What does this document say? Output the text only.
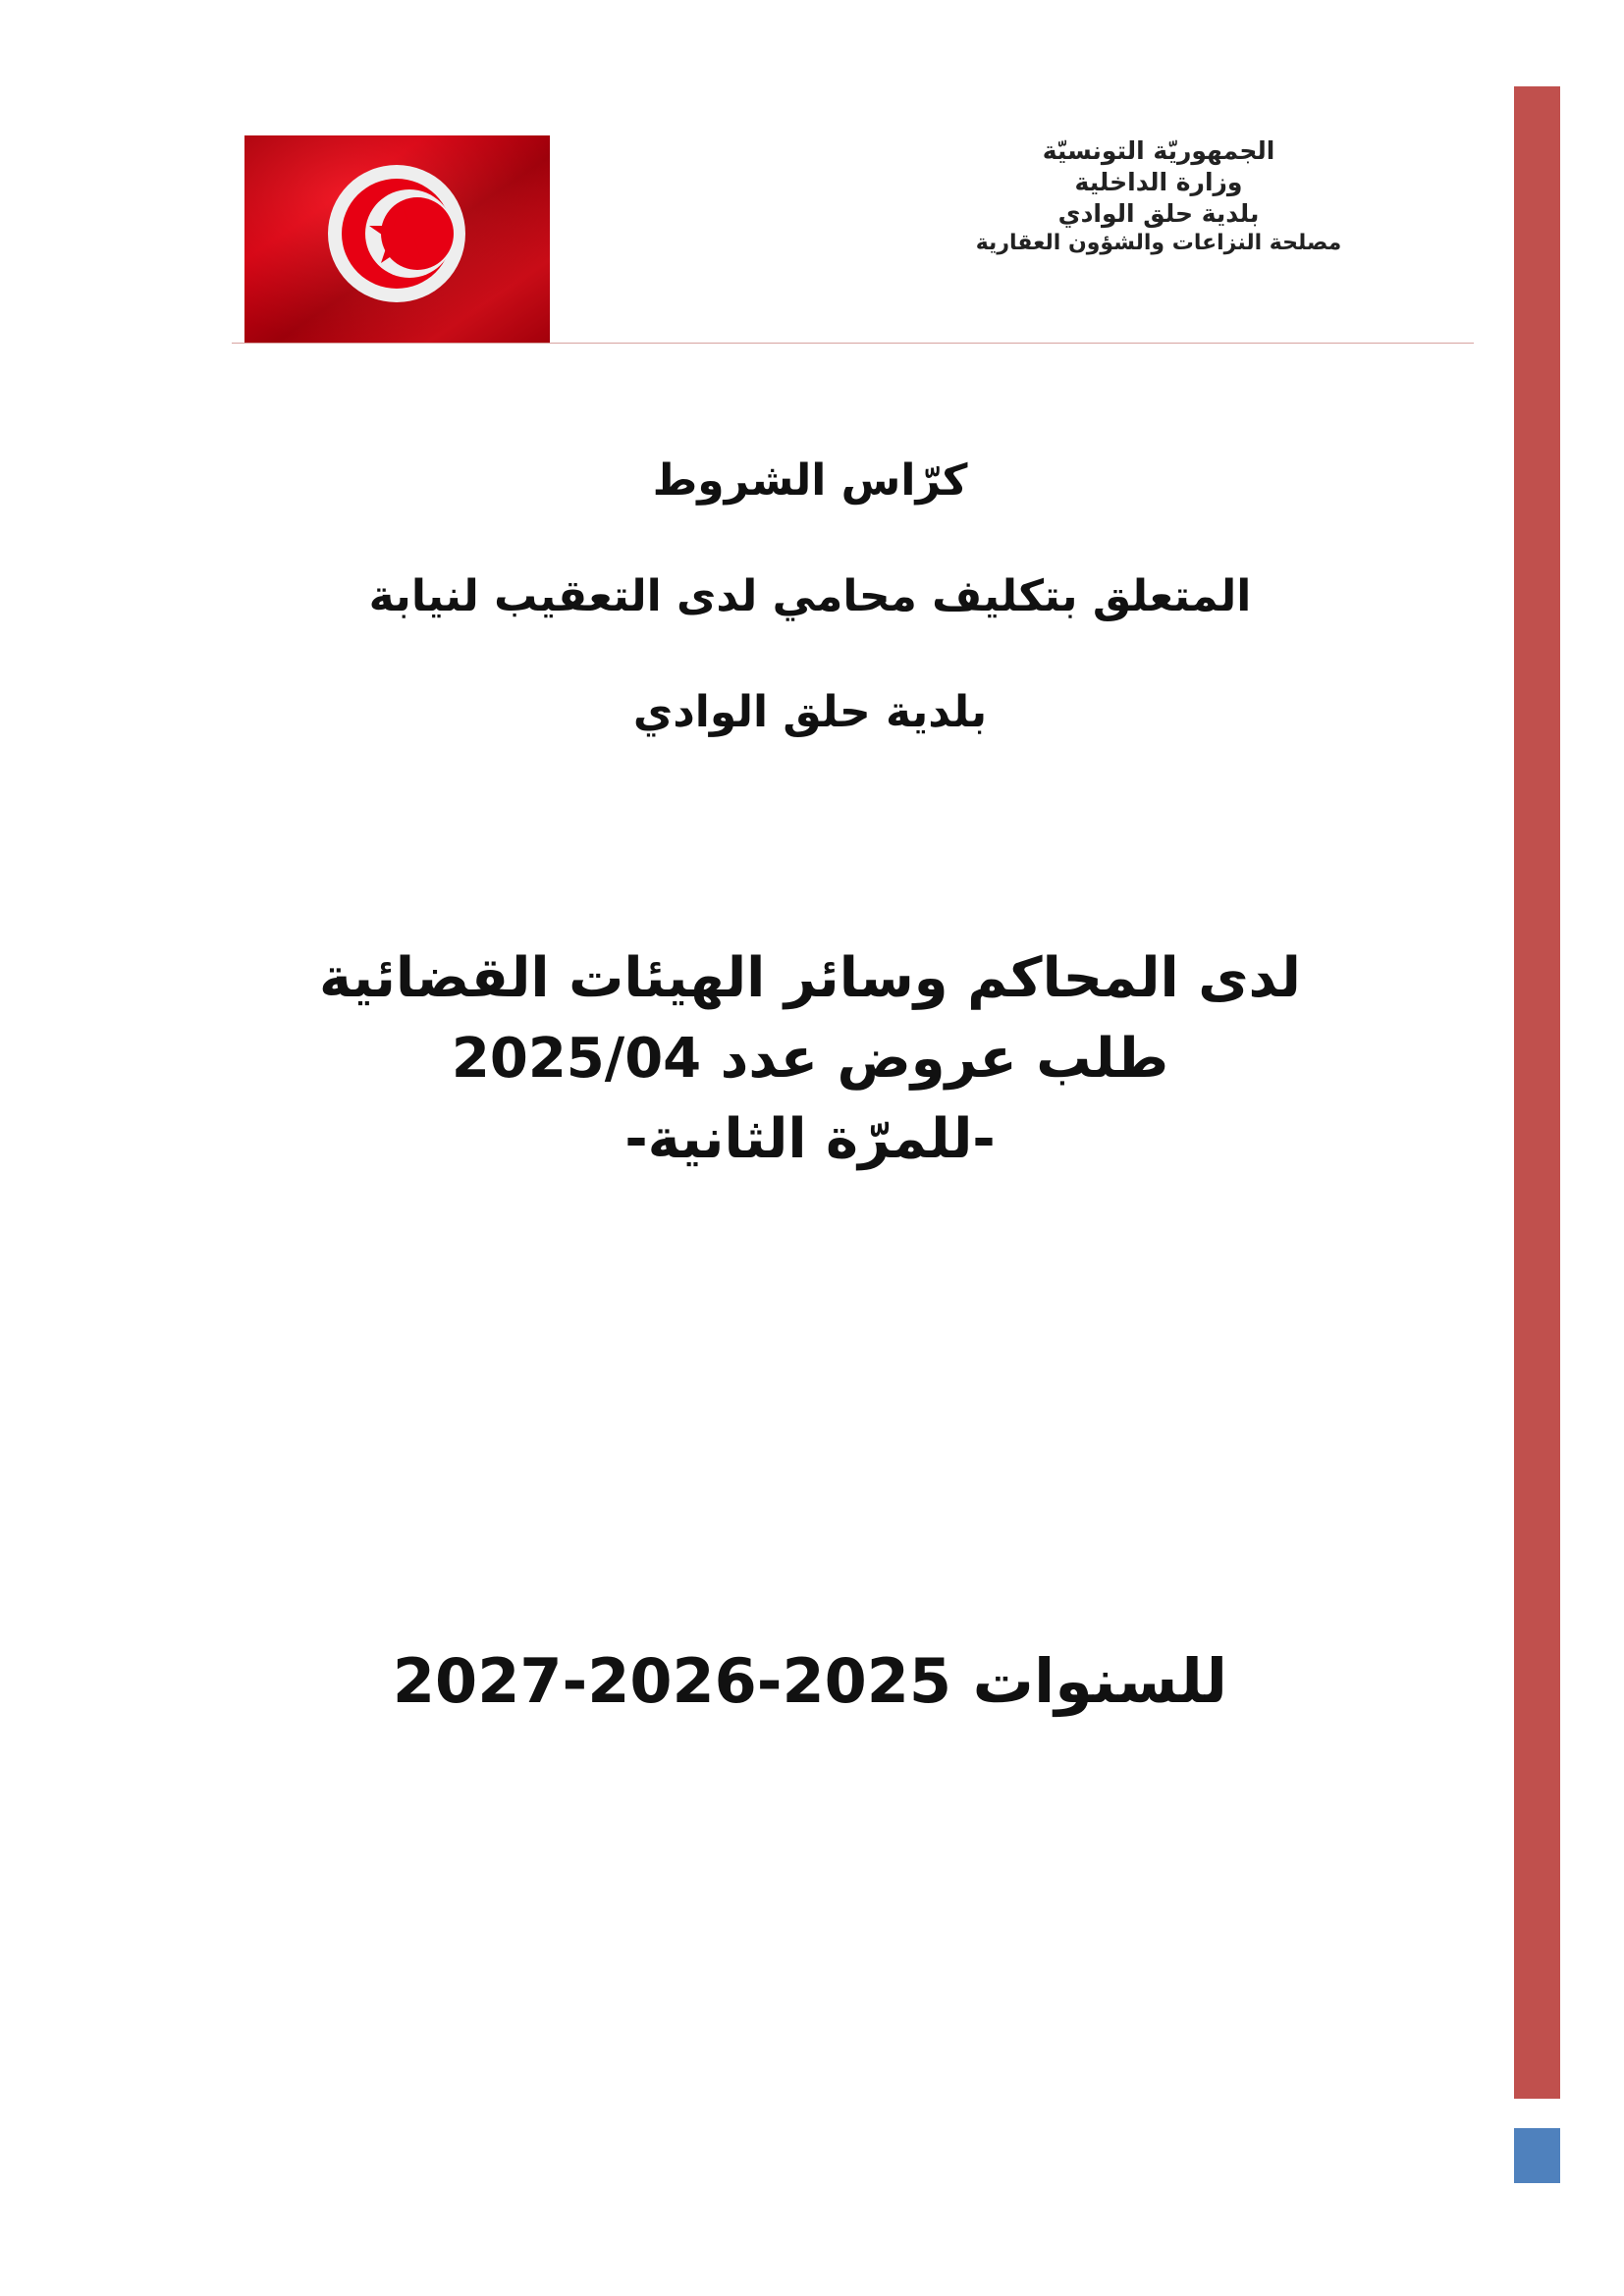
الجمهوريّة التونسيّة
وزارة الداخلية
بلدية حلق الوادي
مصلحة النزاعات والشؤون العقارية
كرّاس الشروط
المتعلق بتكليف محامي لدى التعقيب لنيابة
بلدية حلق الوادي
لدى المحاكم وسائر الهيئات القضائية
طلب عروض عدد 2025/04
-للمرّة الثانية-
للسنوات 2025-2026-2027
